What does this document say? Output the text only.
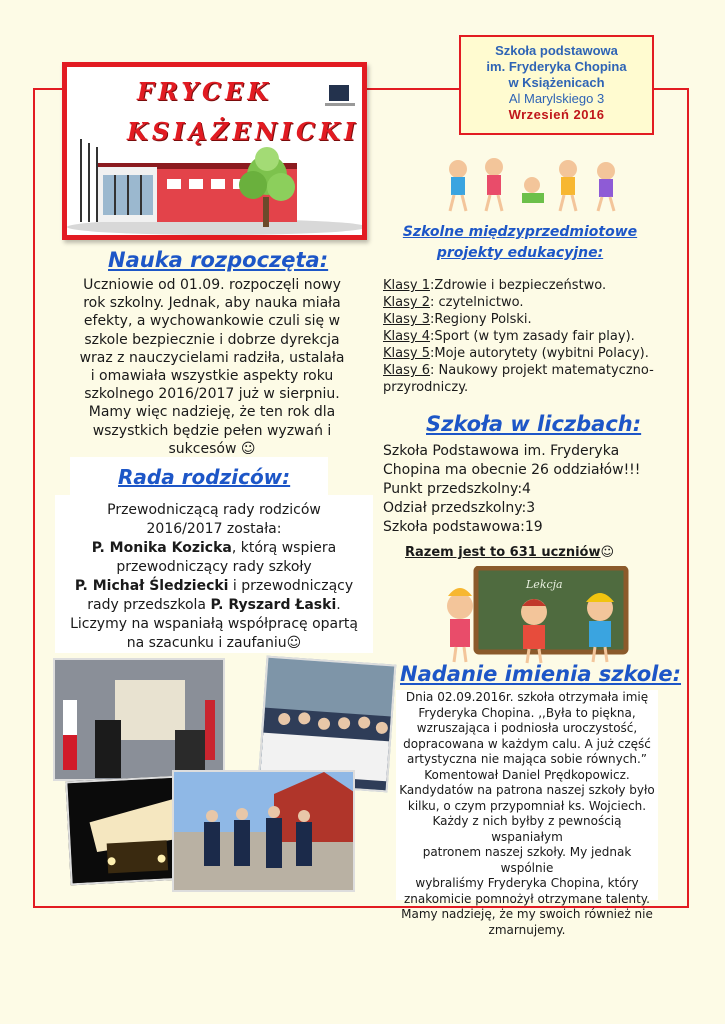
Szkoła podstawowa
im. Fryderyka Chopina
w Książenicach
Al Marylskiego 3
Wrzesień 2016
FRYCEK
KSIĄŻENICKI
Nauka rozpoczęta:
Uczniowie od 01.09. rozpoczęli nowy
rok szkolny. Jednak, aby nauka miała
efekty, a wychowankowie czuli się w
szkole bezpiecznie i dobrze dyrekcja
wraz z nauczycielami radziła, ustalała
i omawiała wszystkie aspekty roku
szkolnego 2016/2017 już w sierpniu.
Mamy więc nadzieję, że ten rok dla
wszystkich będzie pełen wyzwań i
sukcesów ☺
Rada rodziców:
Przewodniczącą rady rodziców
2016/2017 została:
P. Monika Kozicka, którą wspiera
przewodniczący rady szkoły
P. Michał Śledziecki i przewodniczący
rady przedszkola P. Ryszard Łaski.
Liczymy na wspaniałą współpracę opartą
na szacunku i zaufaniu☺
Szkolne międzyprzedmiotowe
projekty edukacyjne:
Klasy 1:Zdrowie i bezpieczeństwo.
Klasy 2: czytelnictwo.
Klasy 3:Regiony Polski.
Klasy 4:Sport (w tym zasady fair play).
Klasy 5:Moje autorytety (wybitni Polacy).
Klasy 6: Naukowy projekt matematyczno-
przyrodniczy.
Szkoła w liczbach:
Szkoła Podstawowa im. Fryderyka
Chopina ma obecnie 26 oddziałów!!!
Punkt przedszkolny:4
Odział przedszkolny:3
Szkoła podstawowa:19
Razem jest to 631 uczniów☺
Lekcja
Nadanie imienia szkole:
Dnia 02.09.2016r. szkoła otrzymała imię
Fryderyka Chopina. ,,Była to piękna,
wzruszająca i podniosła uroczystość,
dopracowana w każdym calu. A już część
artystyczna nie mająca sobie równych.”
Komentował Daniel Prędkopowicz.
Kandydatów na patrona naszej szkoły było
kilku, o czym przypomniał ks. Wojciech.
Każdy z nich byłby z pewnością wspaniałym
patronem naszej szkoły. My jednak wspólnie
wybraliśmy Fryderyka Chopina, który
znakomicie pomnożył otrzymane talenty.
Mamy nadzieję, że my swoich również nie
zmarnujemy.
